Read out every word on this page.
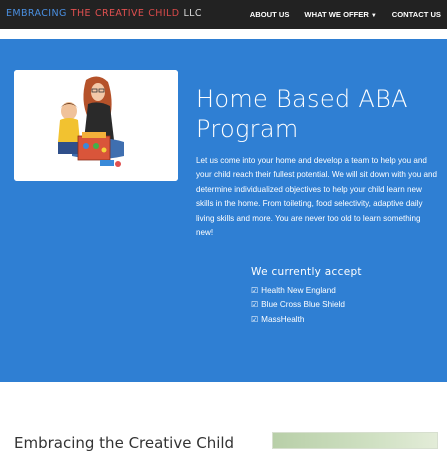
EMBRACING THE CREATIVE CHILD LLC	ABOUT US WHAT WE OFFER ▼ CONTACT US
Home Based ABA Program
Let us come into your home and develop a team to help you and your child reach their fullest potential. We will sit down with you and determine individualized objectives to help your child learn new skills in the home. From toileting, food selectivity, adaptive daily living skills and more. You are never too old to learn something new!
We currently accept
☑ Health New England
☑ Blue Cross Blue Shield
☑ MassHealth
Embracing the Creative Child
